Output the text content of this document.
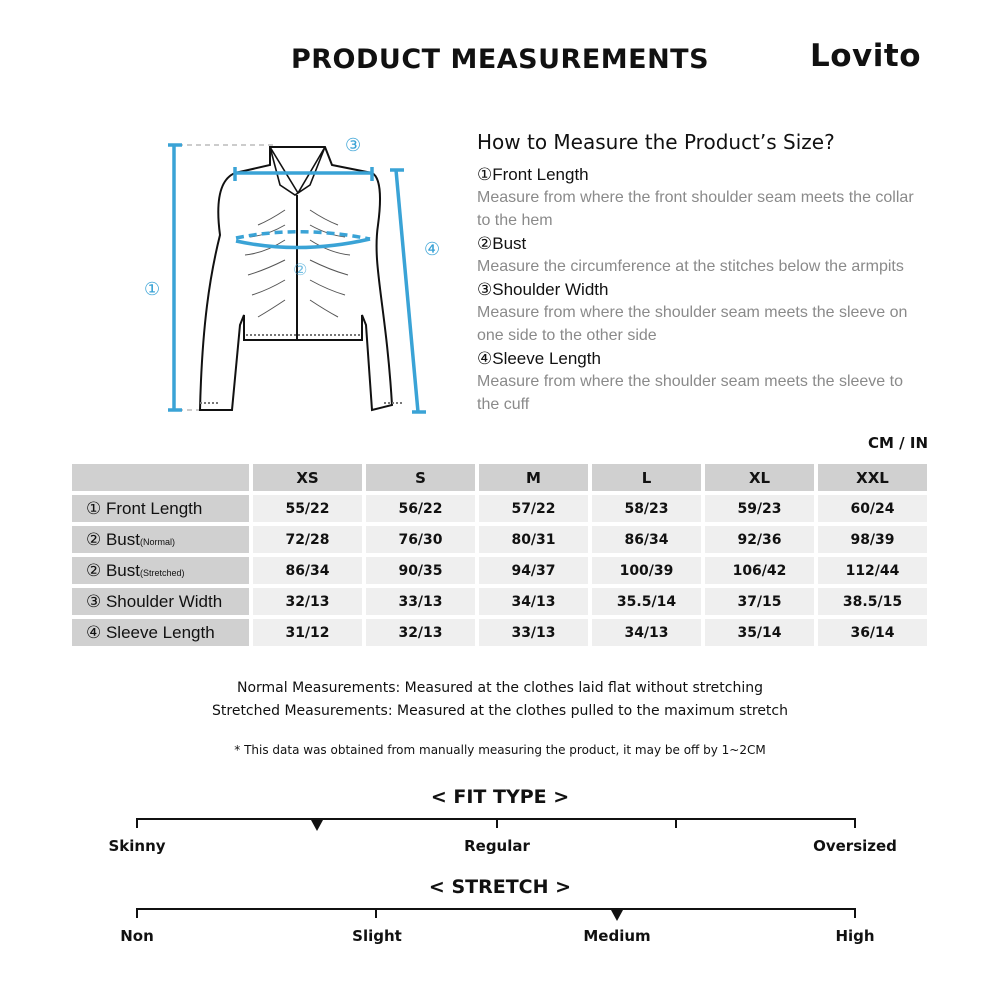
PRODUCT MEASUREMENTS	Lovito
①
③
④
②
How to Measure the Product’s Size?
①Front Length
Measure from where the front shoulder seam meets the collar to the hem
②Bust
Measure the circumference at the stitches below the armpits
③Shoulder Width
Measure from where the shoulder seam meets the sleeve on one side to the other side
④Sleeve Length
Measure from where the shoulder seam meets the sleeve to the cuff
CM / IN
	XS	S	M	L	XL	XXL
① Front Length	55/22	56/22	57/22	58/23	59/23	60/24
② Bust(Normal)	72/28	76/30	80/31	86/34	92/36	98/39
② Bust(Stretched)	86/34	90/35	94/37	100/39	106/42	112/44
③ Shoulder Width	32/13	33/13	34/13	35.5/14	37/15	38.5/15
④ Sleeve Length	31/12	32/13	33/13	34/13	35/14	36/14
Normal Measurements: Measured at the clothes laid flat without stretching
Stretched Measurements: Measured at the clothes pulled to the maximum stretch
* This data was obtained from manually measuring the product, it may be off by 1~2CM
< FIT TYPE >
Skinny	Regular	Oversized
< STRETCH >
Non	Slight	Medium	High
